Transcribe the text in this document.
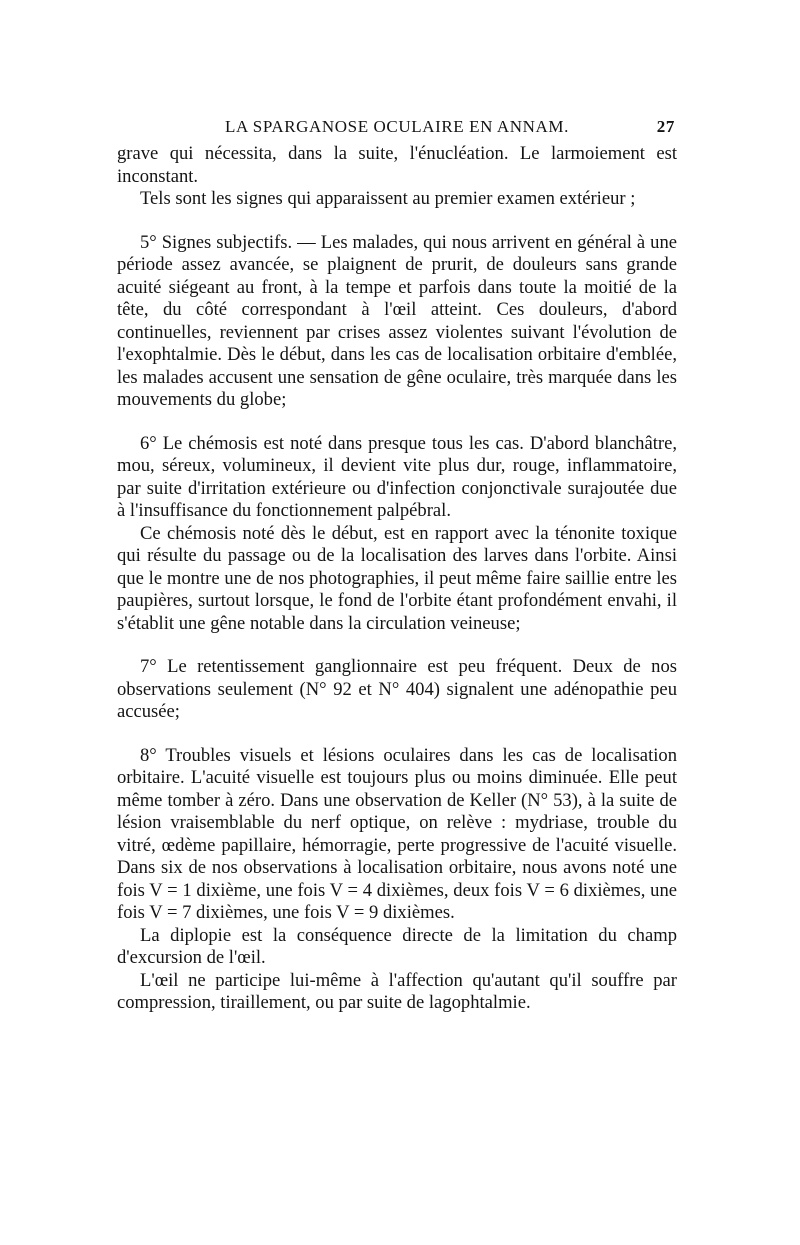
LA SPARGANOSE OCULAIRE EN ANNAM.	27

grave qui nécessita, dans la suite, l'énucléation. Le larmoiement est inconstant.

Tels sont les signes qui apparaissent au premier examen extérieur ;

5° Signes subjectifs. — Les malades, qui nous arrivent en général à une période assez avancée, se plaignent de prurit, de douleurs sans grande acuité siégeant au front, à la tempe et parfois dans toute la moitié de la tête, du côté correspondant à l'œil atteint. Ces douleurs, d'abord continuelles, reviennent par crises assez violentes suivant l'évolution de l'exophtalmie. Dès le début, dans les cas de localisation orbitaire d'emblée, les malades accusent une sensation de gêne oculaire, très marquée dans les mouvements du globe;

6° Le chémosis est noté dans presque tous les cas. D'abord blanchâtre, mou, séreux, volumineux, il devient vite plus dur, rouge, inflammatoire, par suite d'irritation extérieure ou d'infection conjonctivale surajoutée due à l'insuffisance du fonctionnement palpébral.

Ce chémosis noté dès le début, est en rapport avec la ténonite toxique qui résulte du passage ou de la localisation des larves dans l'orbite. Ainsi que le montre une de nos photographies, il peut même faire saillie entre les paupières, surtout lorsque, le fond de l'orbite étant profondément envahi, il s'établit une gêne notable dans la circulation veineuse;

7° Le retentissement ganglionnaire est peu fréquent. Deux de nos observations seulement (N° 92 et N° 404) signalent une adénopathie peu accusée;

8° Troubles visuels et lésions oculaires dans les cas de localisation orbitaire. L'acuité visuelle est toujours plus ou moins diminuée. Elle peut même tomber à zéro. Dans une observation de Keller (N° 53), à la suite de lésion vraisemblable du nerf optique, on relève : mydriase, trouble du vitré, œdème papillaire, hémorragie, perte progressive de l'acuité visuelle. Dans six de nos observations à localisation orbitaire, nous avons noté une fois V = 1 dixième, une fois V = 4 dixièmes, deux fois V = 6 dixièmes, une fois V = 7 dixièmes, une fois V = 9 dixièmes.

La diplopie est la conséquence directe de la limitation du champ d'excursion de l'œil.

L'œil ne participe lui-même à l'affection qu'autant qu'il souffre par compression, tiraillement, ou par suite de lagophtalmie.
